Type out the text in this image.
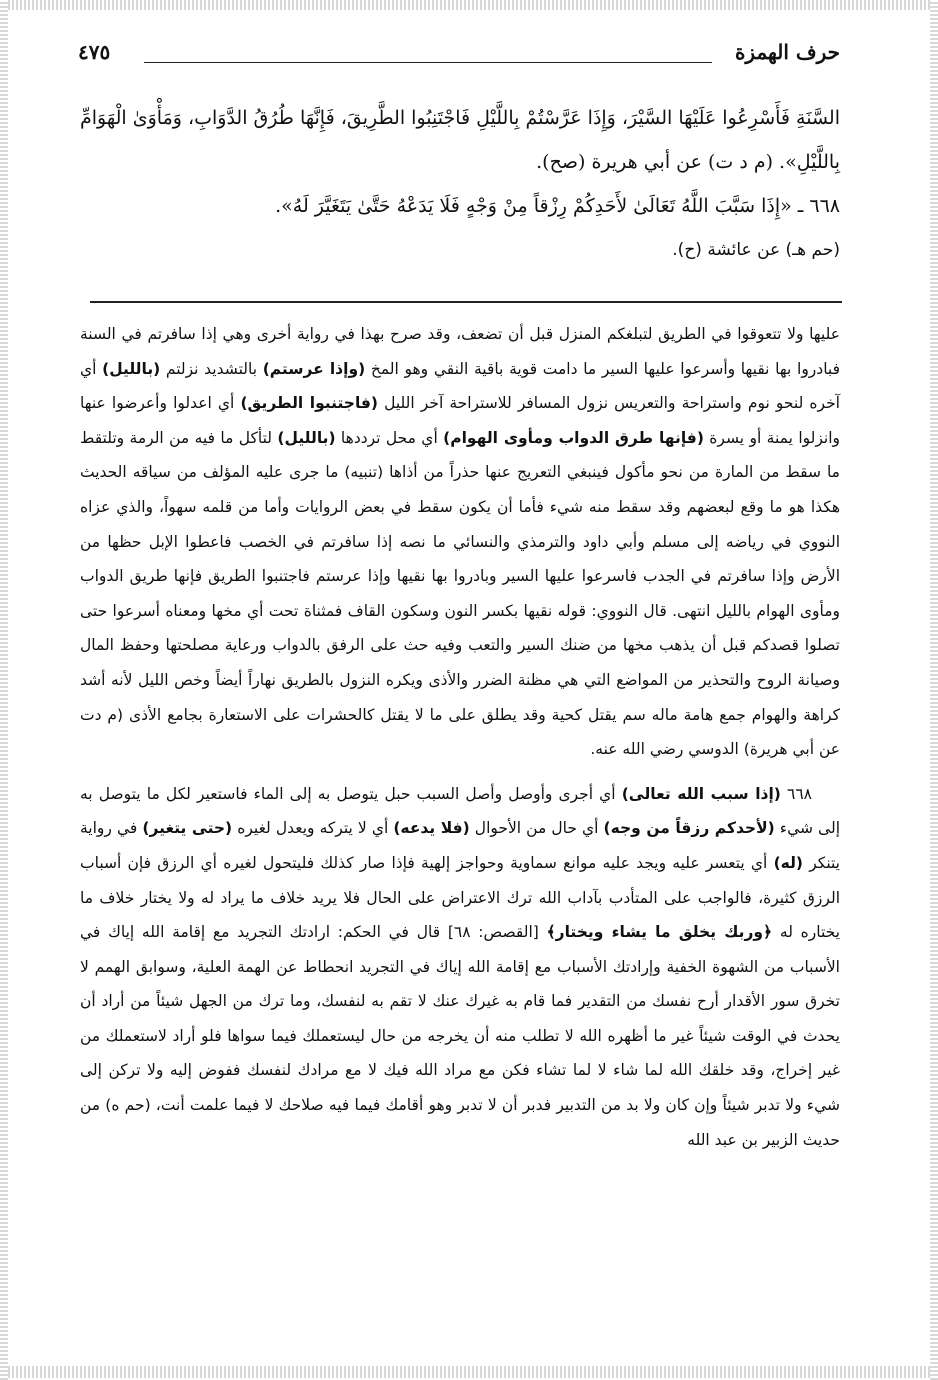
حرف الهمزة
٤٧٥

السَّنَةِ فَأَسْرِعُوا عَلَيْهَا السَّيْرَ، وَإِذَا عَرَّسْتُمْ بِاللَّيْلِ فَاجْتَنِبُوا الطَّرِيقَ، فَإِنَّهَا طُرُقُ الدَّوَابِ، وَمَأْوَىٰ الْهَوَامِّ بِاللَّيْلِ». (م د ت) عن أبي هريرة (صح).

٦٦٨ ـ «إِذَا سَبَّبَ اللَّهُ تَعَالَىٰ لأَحَدِكُمْ رِزْقاً مِنْ وَجْهٍ فَلَا يَدَعْهُ حَتَّىٰ يَتَغَيَّرَ لَهُ».

(حم هـ) عن عائشة (ح).

عليها ولا تتعوقوا في الطريق لتبلغكم المنزل قبل أن تضعف، وقد صرح بهذا في رواية أخرى وهي إذا سافرتم في السنة فبادروا بها نقيها وأسرعوا عليها السير ما دامت قوية باقية النقي وهو المخ (وإذا عرستم) بالتشديد نزلتم (بالليل) أي آخره لنحو نوم واستراحة والتعريس نزول المسافر للاستراحة آخر الليل (فاجتنبوا الطريق) أي اعدلوا وأعرضوا عنها وانزلوا يمنة أو يسرة (فإنها طرق الدواب ومأوى الهوام) أي محل ترددها (بالليل) لتأكل ما فيه من الرمة وتلتقط ما سقط من المارة من نحو مأكول فينبغي التعريج عنها حذراً من أذاها (تنبيه) ما جرى عليه المؤلف من سياقه الحديث هكذا هو ما وقع لبعضهم وقد سقط منه شيء فأما أن يكون سقط في بعض الروايات وأما من قلمه سهواً، والذي عزاه النووي في رياضه إلى مسلم وأبي داود والترمذي والنسائي ما نصه إذا سافرتم في الخصب فاعطوا الإبل حظها من الأرض وإذا سافرتم في الجدب فاسرعوا عليها السير وبادروا بها نقيها وإذا عرستم فاجتنبوا الطريق فإنها طريق الدواب ومأوى الهوام بالليل انتهى. قال النووي: قوله نقيها بكسر النون وسكون القاف فمثناة تحت أي مخها ومعناه أسرعوا حتى تصلوا قصدكم قبل أن يذهب مخها من ضنك السير والتعب وفيه حث على الرفق بالدواب ورعاية مصلحتها وحفظ المال وصيانة الروح والتحذير من المواضع التي هي مظنة الضرر والأذى ويكره النزول بالطريق نهاراً أيضاً وخص الليل لأنه أشد كراهة والهوام جمع هامة ماله سم يقتل كحية وقد يطلق على ما لا يقتل كالحشرات على الاستعارة بجامع الأذى (م دت عن أبي هريرة) الدوسي رضي الله عنه.

٦٦٨ (إذا سبب الله تعالى) أي أجرى وأوصل وأصل السبب حبل يتوصل به إلى الماء فاستعير لكل ما يتوصل به إلى شيء (لأحدكم رزقاً من وجه) أي حال من الأحوال (فلا يدعه) أي لا يتركه ويعدل لغيره (حتى يتغير) في رواية يتنكر (له) أي يتعسر عليه ويجد عليه موانع سماوية وحواجز إلهية فإذا صار كذلك فليتحول لغيره أي الرزق فإن أسباب الرزق كثيرة، فالواجب على المتأدب بآداب الله ترك الاعتراض على الحال فلا يريد خلاف ما يراد له ولا يختار خلاف ما يختاره له ﴿وربك يخلق ما يشاء ويختار﴾ [القصص: ٦٨] قال في الحكم: ارادتك التجريد مع إقامة الله إياك في الأسباب من الشهوة الخفية وإرادتك الأسباب مع إقامة الله إياك في التجريد انحطاط عن الهمة العلية، وسوابق الهمم لا تخرق سور الأقدار أرح نفسك من التقدير فما قام به غيرك عنك لا تقم به لنفسك، وما ترك من الجهل شيئاً من أراد أن يحدث في الوقت شيئاً غير ما أظهره الله لا تطلب منه أن يخرجه من حال ليستعملك فيما سواها فلو أراد لاستعملك من غير إخراج، وقد خلقك الله لما شاء لا لما تشاء فكن مع مراد الله فيك لا مع مرادك لنفسك ففوض إليه ولا تركن إلى شيء ولا تدبر شيئاً وإن كان ولا بد من التدبير فدبر أن لا تدبر وهو أقامك فيما فيه صلاحك لا فيما علمت أنت، (حم ه) من حديث الزبير بن عبد الله
